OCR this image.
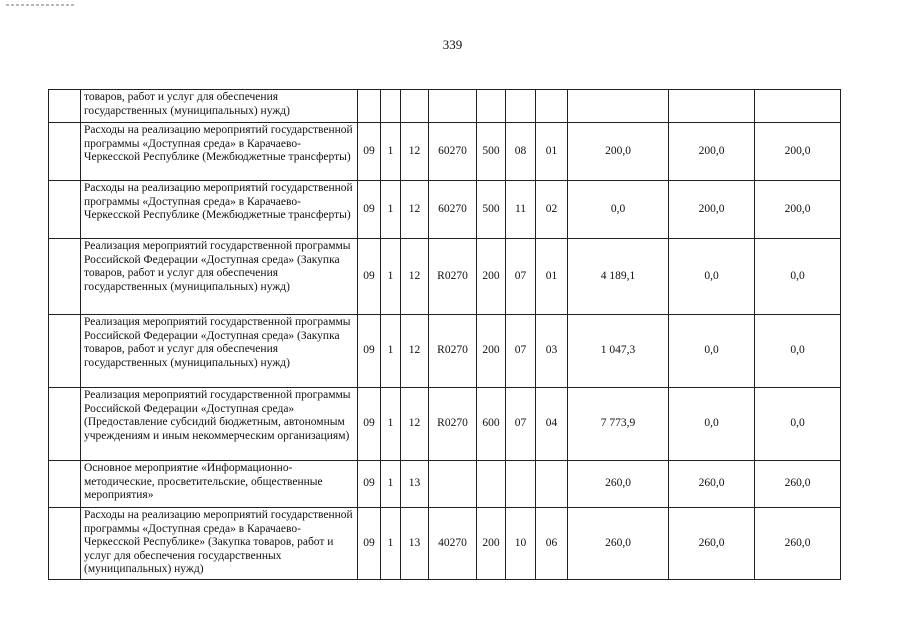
339
	товаров, работ и услуг для обеспечения государственных (муниципальных) нужд)										
	Расходы на реализацию мероприятий государственной программы «Доступная среда» в Карачаево-Черкесской Республике (Межбюджетные трансферты)	09	1	12	60270	500	08	01	200,0	200,0	200,0
	Расходы на реализацию мероприятий государственной программы «Доступная среда» в Карачаево-Черкесской Республике (Межбюджетные трансферты)	09	1	12	60270	500	11	02	0,0	200,0	200,0
	Реализация мероприятий государственной программы Российской Федерации «Доступная среда» (Закупка товаров, работ и услуг для обеспечения государственных (муниципальных) нужд)	09	1	12	R0270	200	07	01	4 189,1	0,0	0,0
	Реализация мероприятий государственной программы Российской Федерации «Доступная среда» (Закупка товаров, работ и услуг для обеспечения государственных (муниципальных) нужд)	09	1	12	R0270	200	07	03	1 047,3	0,0	0,0
	Реализация мероприятий государственной программы Российской Федерации «Доступная среда» (Предоставление субсидий бюджетным, автономным учреждениям и иным некоммерческим организациям)	09	1	12	R0270	600	07	04	7 773,9	0,0	0,0
	Основное мероприятие «Информационно-методические, просветительские, общественные мероприятия»	09	1	13					260,0	260,0	260,0
	Расходы на реализацию мероприятий государственной программы «Доступная среда» в Карачаево-Черкесской Республике» (Закупка товаров, работ и услуг для обеспечения государственных (муниципальных) нужд)	09	1	13	40270	200	10	06	260,0	260,0	260,0
